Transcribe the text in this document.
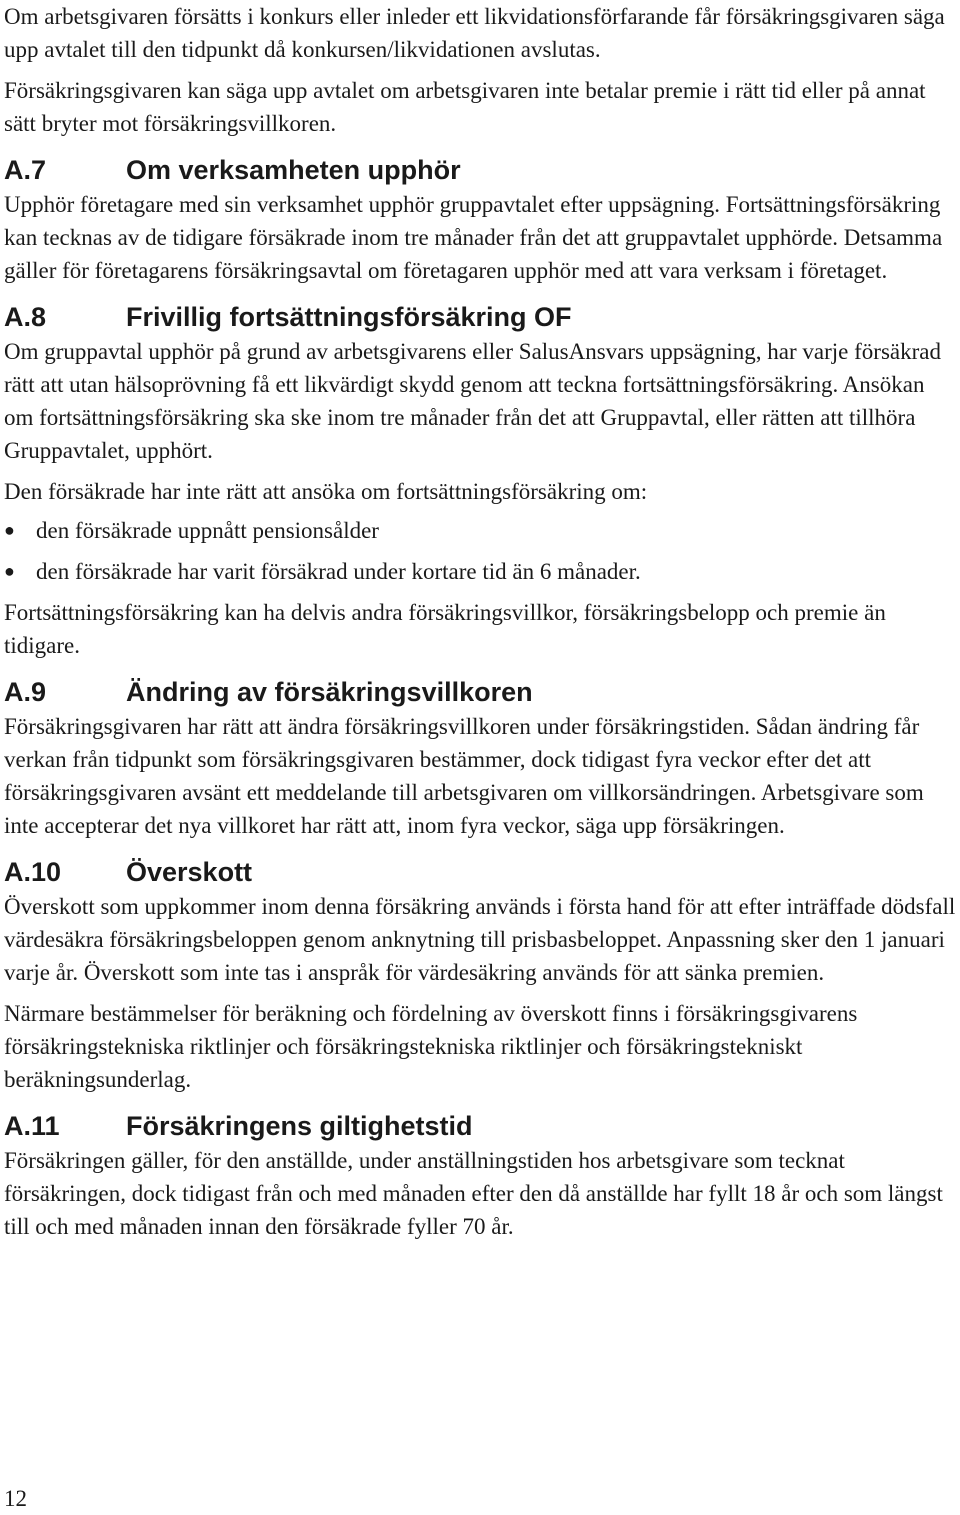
Om arbetsgivaren försätts i konkurs eller inleder ett likvidationsförfarande får försäkringsgivaren säga upp avtalet till den tidpunkt då konkursen/likvidationen avslutas.

Försäkringsgivaren kan säga upp avtalet om arbetsgivaren inte betalar premie i rätt tid eller på annat sätt bryter mot försäkringsvillkoren.

A.7	Om verksamheten upphör

Upphör företagare med sin verksamhet upphör gruppavtalet efter uppsägning. Fortsättningsförsäkring kan tecknas av de tidigare försäkrade inom tre månader från det att gruppavtalet upphörde. Detsamma gäller för företagarens försäkringsavtal om företagaren upphör med att vara verksam i företaget.

A.8	Frivillig fortsättningsförsäkring OF

Om gruppavtal upphör på grund av arbetsgivarens eller SalusAnsvars uppsägning, har varje försäkrad rätt att utan hälsoprövning få ett likvärdigt skydd genom att teckna fortsättningsförsäkring. Ansökan om fortsättningsförsäkring ska ske inom tre månader från det att Gruppavtal, eller rätten att tillhöra Gruppavtalet, upphört.

Den försäkrade har inte rätt att ansöka om fortsättningsförsäkring om:

● den försäkrade uppnått pensionsålder
● den försäkrade har varit försäkrad under kortare tid än 6 månader.

Fortsättningsförsäkring kan ha delvis andra försäkringsvillkor, försäkringsbelopp och premie än tidigare.

A.9	Ändring av försäkringsvillkoren

Försäkringsgivaren har rätt att ändra försäkringsvillkoren under försäkringstiden. Sådan ändring får verkan från tidpunkt som försäkringsgivaren bestämmer, dock tidigast fyra veckor efter det att försäkringsgivaren avsänt ett meddelande till arbetsgivaren om villkorsändringen. Arbetsgivare som inte accepterar det nya villkoret har rätt att, inom fyra veckor, säga upp försäkringen.

A.10	Överskott

Överskott som uppkommer inom denna försäkring används i första hand för att efter inträffade dödsfall värdesäkra försäkringsbeloppen genom anknytning till prisbasbeloppet. Anpassning sker den 1 januari varje år. Överskott som inte tas i anspråk för värdesäkring används för att sänka premien.

Närmare bestämmelser för beräkning och fördelning av överskott finns i försäkringsgivarens försäkringstekniska riktlinjer och försäkringstekniska riktlinjer och försäkringstekniskt beräkningsunderlag.

A.11	Försäkringens giltighetstid

Försäkringen gäller, för den anställde, under anställningstiden hos arbetsgivare som tecknat försäkringen, dock tidigast från och med månaden efter den då anställde har fyllt 18 år och som längst till och med månaden innan den försäkrade fyller 70 år.

12
